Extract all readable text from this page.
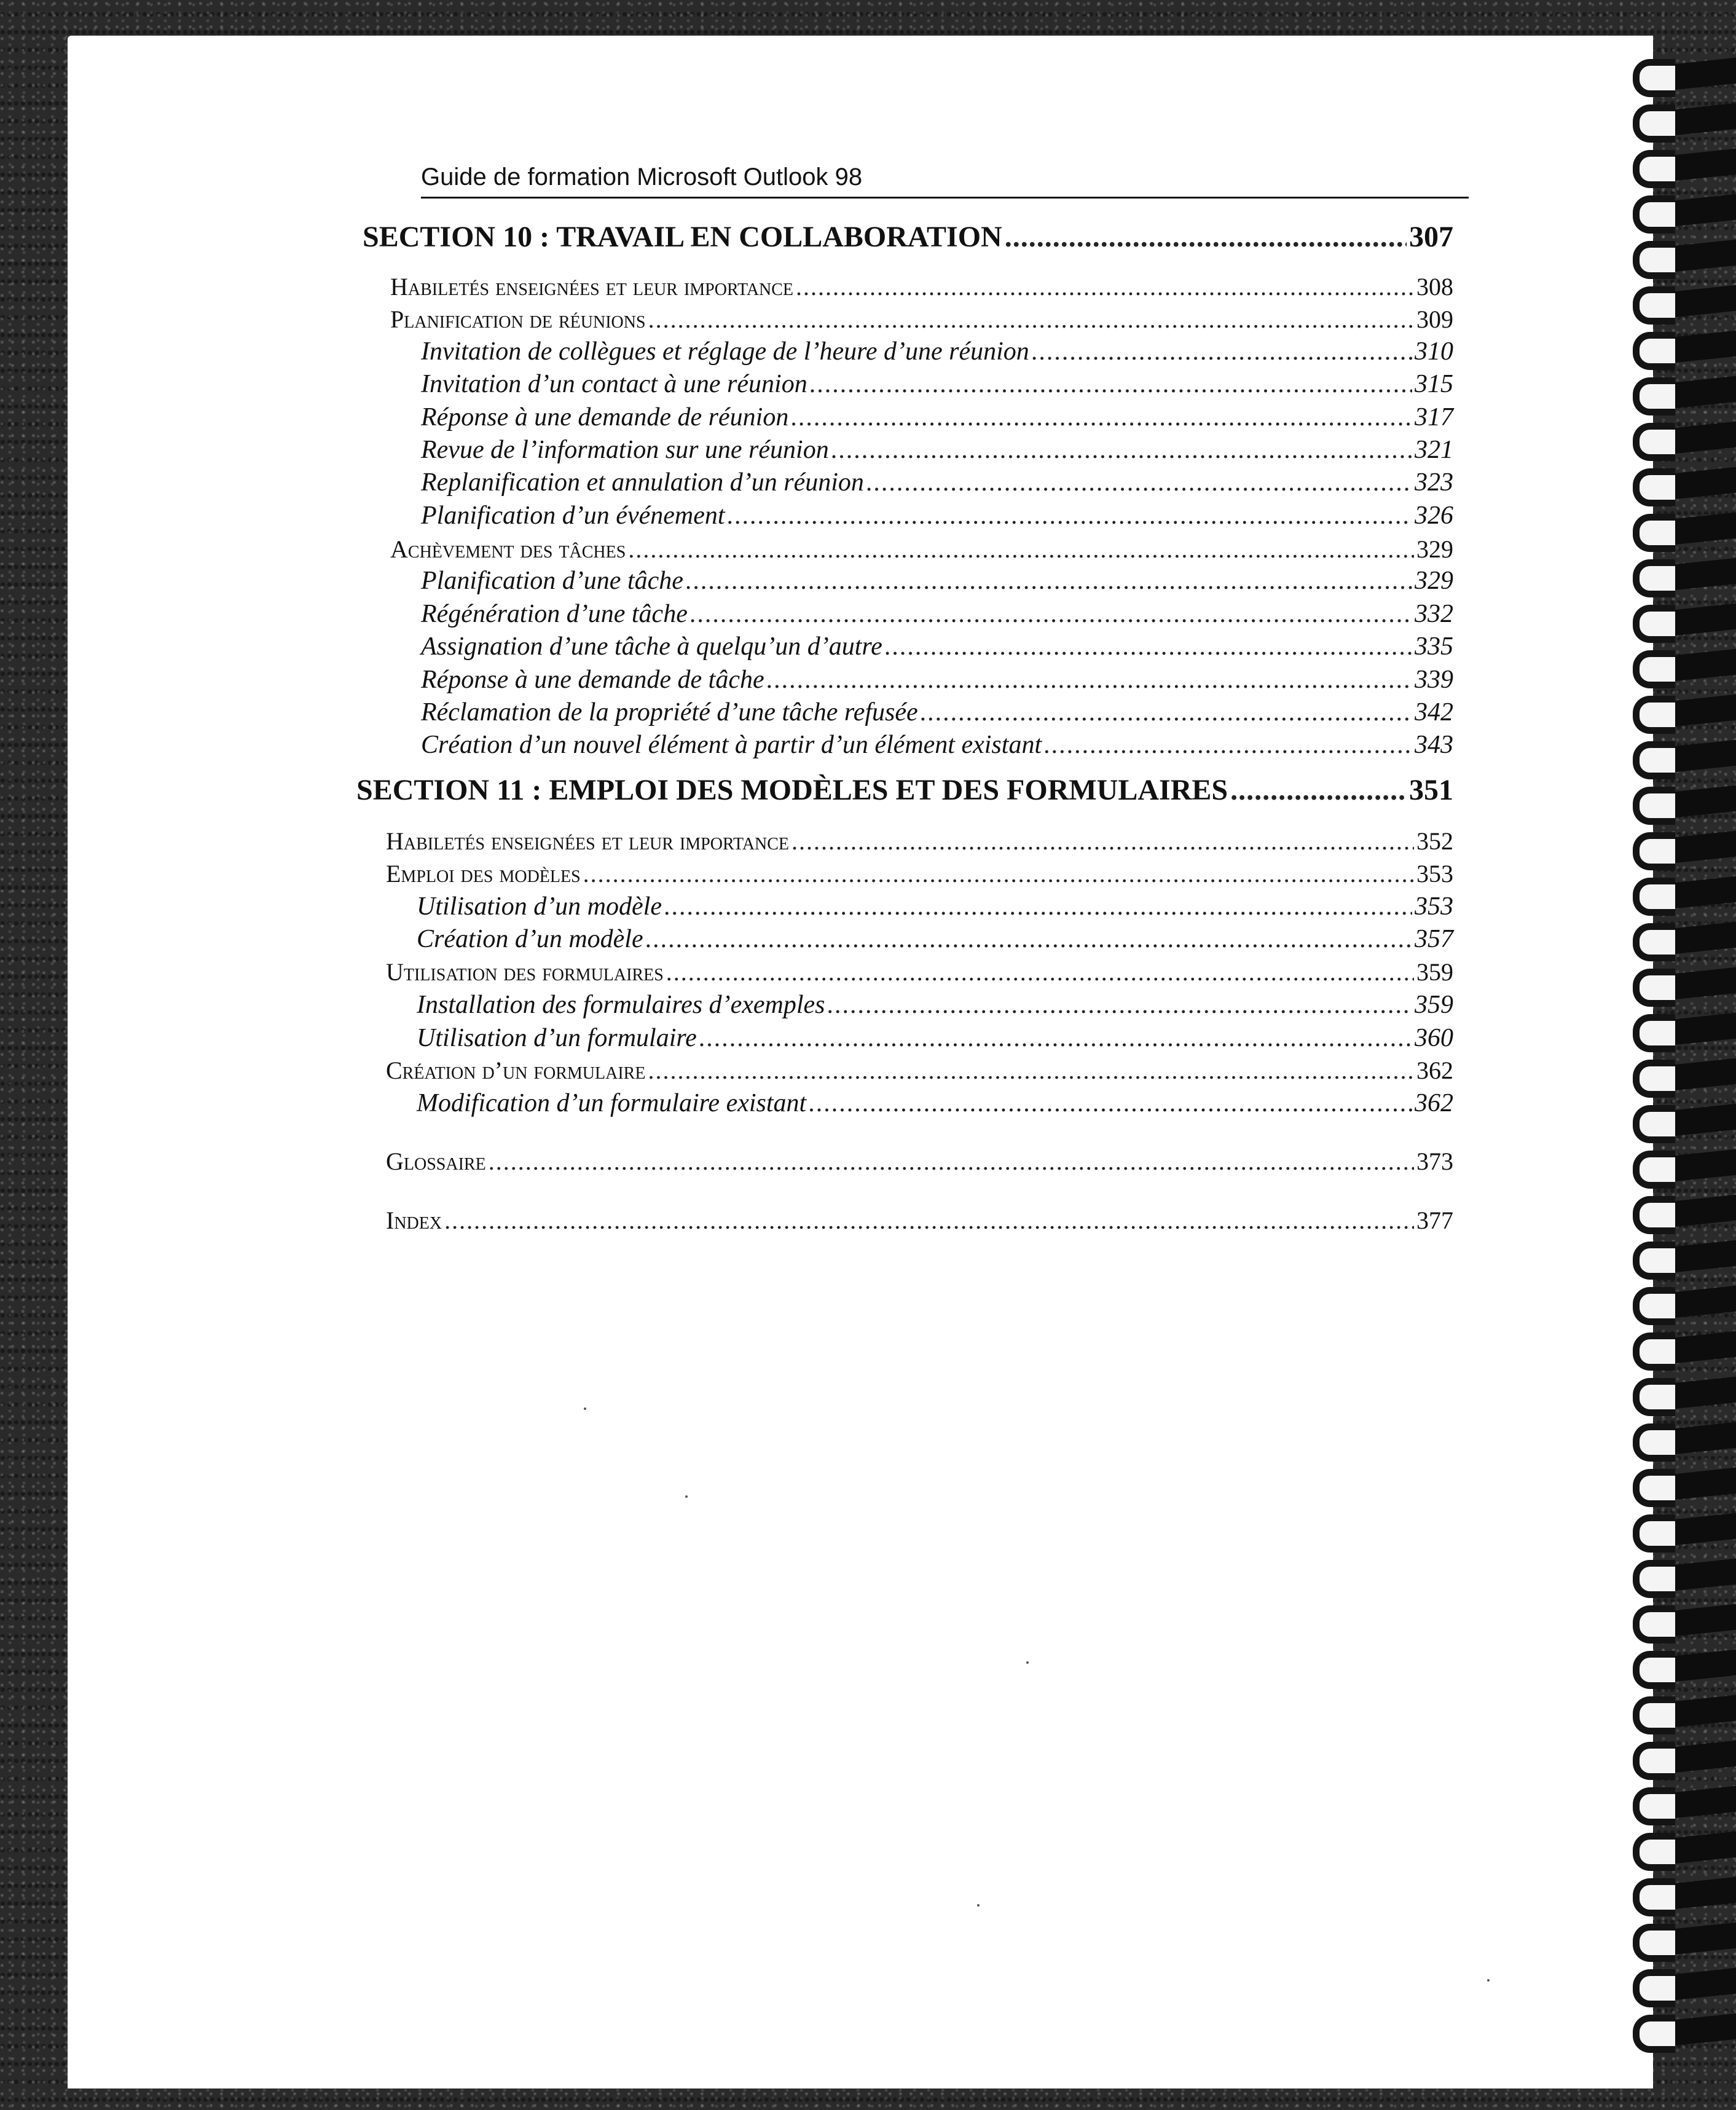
Guide de formation Microsoft Outlook 98
SECTION 10 : TRAVAIL EN COLLABORATION .....	307
Habiletés enseignées et leur importance .....	308
Planification de réunions .....	309
Invitation de collègues et réglage de l’heure d’une réunion .....	310
Invitation d’un contact à une réunion .....	315
Réponse à une demande de réunion .....	317
Revue de l’information sur une réunion .....	321
Replanification et annulation d’un réunion .....	323
Planification d’un événement .....	326
Achèvement des tâches .....	329
Planification d’une tâche .....	329
Régénération d’une tâche .....	332
Assignation d’une tâche à quelqu’un d’autre .....	335
Réponse à une demande de tâche .....	339
Réclamation de la propriété d’une tâche refusée .....	342
Création d’un nouvel élément à partir d’un élément existant .....	343
SECTION 11 : EMPLOI DES MODÈLES ET DES FORMULAIRES .....	351
Habiletés enseignées et leur importance .....	352
Emploi des modèles .....	353
Utilisation d’un modèle .....	353
Création d’un modèle .....	357
Utilisation des formulaires .....	359
Installation des formulaires d’exemples .....	359
Utilisation d’un formulaire .....	360
Création d’un formulaire .....	362
Modification d’un formulaire existant .....	362
Glossaire .....	373
Index .....	377
